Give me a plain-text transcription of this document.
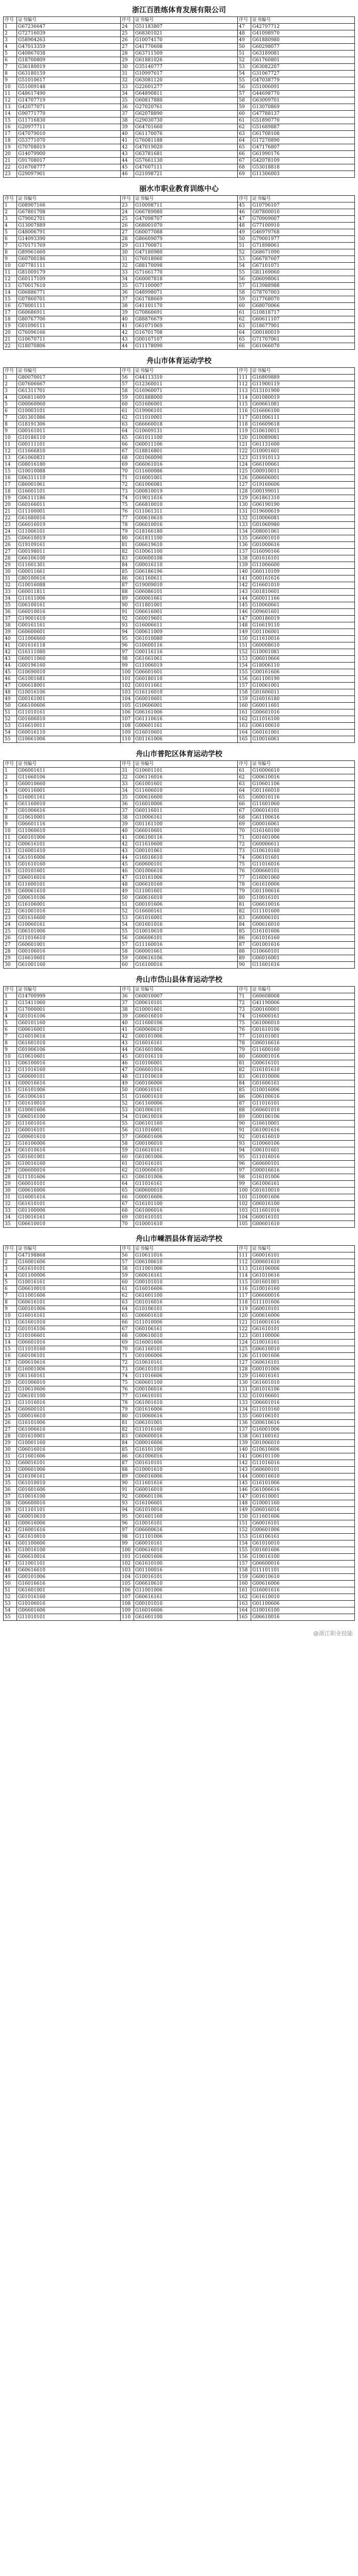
浙江百胜练体育发展有限公司
序号	证书编号	序号	证书编号	序号	证书编号
1	G67236647	24	G51183807	47	G42797712
2	G72716039	25	G68301021	48	G41098970
3	G58904263	26	G10074170	49	G61880980
4	G47013359	27	G41770608	50	G60298077
5	G40867038	28	G63711509	51	G63189081
6	G18700809	29	G61881026	52	G61760801
7	G36180019	30	G35140777	53	G63082207
8	G63180159	31	G10997617	54	G31067727
9	G51010617	32	G63081120	55	G47038779
10	G51009148	33	G22601277	56	G51006091
11	G48617490	34	G64890811	57	G44698770
12	G14707719	35	G60817880	58	G63009701
13	G42077071	36	G27020761	59	G13070869
14	G90771770	37	G62078890	60	G47788137
15	G11716830	38	G29030730	61	G51890770
16	G20977711	39	G64701660	62	G51689887
17	G47079010	40	G61170076	63	G61708108
18	G53771070	41	G76081188	64	G17270890
19	G70708019	42	G47019020	65	G47176807
20	G14079900	43	G63781681	66	G61990176
21	G91708017	44	G57661130	67	G42078109
22	G16708777	45	G47607111	68	G53018818
23	G29097901	46	G21098721	69	G11306003
丽水市职业教育训练中心
序号	证书编号	序号	证书编号	序号	证书编号
1	G08907166	23	G10098711	45	G10796107
2	G67801708	24	G66789080	46	G07800010
3	G79002701	25	G47098707	47	G70909007
4	G13007889	26	G68001070	48	G77100910
5	G48006791	27	G60077088	49	G46979768
6	G14093390	28	G86609079	50	G79001977
7	G70171769	29	G11700871	51	G71898061
8	G89961660	30	G47180980	52	G68671090
9	G60700186	31	G76018060	53	G66787607
10	G07781111	32	G88170098	54	G67101071
11	G81009179	33	G71661770	55	G81169060
12	G60117109	34	G60007818	56	G06098061
13	G70017610	35	G71100007	57	G13988988
14	G06886771	36	G48998071	58	G78707003
15	G07860701	37	G61788669	59	G17768070
16	G78001111	38	G41101170	60	G68070066
17	G60686911	39	G70860691	61	G10818717
18	G80767706	40	G88876679	62	G60611107
19	G01090111	41	G61071069	63	G18677901
20	G76096166	42	G16701708	64	G00180019
21	G10670711	43	G00107107	65	G71707061
22	G18070806	44	G11178090	66	G61066070
舟山市体育运动学校
序号	证书编号	序号	证书编号	序号	证书编号
1	G80070017	56	G44113310	111	G16809889
2	G07606667	57	G12360011	112	G11900119
3	G61311701	58	G16960071	113	G13101900
4	G06811609	59	G01888000	114	G01080019
5	G00060060	60	G51606001	115	G60661081
6	G10003101	61	G19906101	116	G16606100
7	G01301086	62	G11010001	117	G01006111
8	G18191306	63	G66660018	118	G16609618
9	G00161011	64	G10609131	119	G10610011
10	G10186110	65	G61011100	120	G10089081
11	G00111101	66	G60011106	121	G61131600
12	G11666810	67	G18816801	122	G10001601
13	G61060831	68	G01060090	123	G11910113
14	G08016180	69	G66061016	124	G66100661
15	G10010088	70	G11600086	125	G00910011
16	G06311110	71	G16001001	126	G06606001
17	G86001061	72	G61006081	127	G19160606
18	G16601101	73	G00810019	128	G00199011
19	G06111186	74	G19011616	129	G61861310
20	G60166011	75	G66810010	130	G06190190
21	G11100001	76	G11061311	131	G19600619
22	G61680016	77	G00610610	132	G10006081
23	G66016019	78	G06010016	133	G01060980
24	G11006101	79	G18166180	134	G08001061
25	G06610019	80	G61811100	135	G66001010
26	G19109161	81	G06619610	136	G01000616
27	G00198011	82	G10061100	137	G16090166
28	G66106100	83	G60600108	138	G01616101
29	G11601301	84	G00016110	139	G11006600
30	G00011661	85	G06186196	140	G60110109
31	G80100616	86	G61160611	141	G00161616
32	G10016088	87	G19009010	142	G16601010
33	G60011811	88	G06086101	143	G01810601
34	G11611006	89	G60061661	144	G60011166
35	G06100161	90	G11801001	145	G10060661
36	G66010016	91	G06616001	146	G09601601
37	G19001610	92	G60019601	147	G00186019
38	G00161161	93	G16006611	148	G16619110
39	G60600601	94	G00611009	149	G01106001
40	G11006660	95	G61010080	150	G11610016
41	G01616118	96	G10600116	151	G60008610
42	G16111080	97	G00116116	152	G10001081
43	G60011060	98	G61661061	153	G06010666
44	G00196160	99	G11006019	154	G18006110
45	G10690010	100	G06601601	155	G00161606
46	G61001681	101	G60180110	156	G61100190
47	G06618001	102	G01011661	157	G10061001
48	G10016106	103	G16116010	158	G01606011
49	G00161001	104	G60010601	159	G16016180
50	G66100606	105	G10606001	160	G60011601
51	G11010161	106	G06161006	161	G00601016
52	G01606010	107	G61110616	162	G11016100
53	G16610011	108	G00601161	163	G06100610
54	G60016110	109	G16010601	164	G60161001
55	G10661006	110	G01161006	165	G10016061
舟山市普陀区体育运动学校
序号	证书编号	序号	证书编号	序号	证书编号
1	G06001611	31	G10601101	61	G16006610
2	G11660106	32	G06116016	62	G00610016
3	G60010660	33	G61001601	63	G10601106
4	G00116001	34	G11606010	64	G01166010
5	G16001161	35	G00616600	65	G60010116
6	G61160010	36	G16010006	66	G11601060
7	G01006616	37	G60116011	67	G06016101
8	G10610001	38	G10006161	68	G61100616
9	G06601116	39	G01161100	69	G00016061
10	G11060610	40	G66010601	70	G16160100
11	G60101006	41	G06100116	71	G01601006
12	G00616101	42	G11610600	72	G60006611
13	G16001610	43	G00101061	73	G10610160
14	G61016006	44	G16016610	74	G06101601
15	G01610160	45	G60600101	75	G11016016
16	G10101601	46	G01006610	76	G00660101
17	G06016016	47	G10161006	77	G16001060
18	G11600101	48	G06610160	78	G61610006
19	G60061610	49	G11001601	79	G01100616
20	G00610106	50	G60616010	80	G10016101
21	G16106001	51	G00101606	81	G06610016
22	G61001016	52	G16600161	82	G11101600
23	G01616600	53	G61016001	83	G60006101
24	G10060161	54	G01601016	84	G00616010
25	G06101006	55	G10010610	85	G16101606
26	G11016610	56	G06606101	86	G61016160
27	G60601001	57	G11160016	87	G01001616
28	G00106016	58	G60001661	88	G10660101
29	G16610601	59	G00616106	89	G06016001
30	G61001160	60	G16100016	90	G11601616
舟山市岱山县体育运动学校
序号	证书编号	序号	证书编号	序号	证书编号
1	G14700999	36	G60010007	71	G60608008
2	G15411060	37	G00610101	72	G41190006
3	G17000001	38	G10001601	73	G00160001
4	G01016106	39	G06016010	74	G16000161
5	G60101160	40	G11600106	75	G61006010
6	G00616001	41	G60060610	76	G01610106
7	G16010616	42	G00101006	77	G10101001
8	G61601010	43	G16016161	78	G06016616
9	G01006106	44	G61601006	79	G11600160
10	G10610601	45	G01016110	80	G60001016
11	G06100016	46	G10106001	81	G00616101
12	G11016160	47	G06601016	82	G16101610
13	G60600101	48	G11010610	83	G61010006
14	G00016616	49	G60106006	84	G01606161
15	G16101006	50	G00610161	85	G10016006
16	G61006161	51	G16001610	86	G06100616
17	G01610010	52	G61160006	87	G11016101
18	G10001606	53	G01006101	88	G60601010
19	G06016100	54	G10610016	89	G00106106
20	G11601016	55	G06101160	90	G16610001
21	G60016101	56	G11016001	91	G61001616
22	G00601610	57	G60601606	92	G01616010
23	G16106006	58	G00106010	93	G10060106
24	G61010616	59	G16610161	94	G06101601
25	G01601001	60	G61001006	95	G11016016
26	G10016160	61	G01616101	96	G60600101
27	G06600016	62	G10060610	97	G00016616
28	G11101606	63	G06101006	98	G16101006
29	G60010101	64	G11016161	99	G61006161
30	G00616006	65	G60600010	100	G01610010
31	G16001616	66	G00016606	101	G10001606
32	G61610101	67	G16101100	102	G06016100
33	G01100006	68	G61006016	103	G11601016
34	G10016161	69	G01610101	104	G60016101
35	G06610010	70	G10001610	105	G00601610
舟山市嵊泗县体育运动学校
序号	证书编号	序号	证书编号	序号	证书编号
1	G47198868	56	G10611016	111	G60016101
2	G16001606	57	G06100610	112	G00601610
3	G61610101	58	G11001006	113	G16106006
4	G01100006	59	G60616161	114	G61010616
5	G10016161	60	G00101010	115	G01601001
6	G06610010	61	G16016606	116	G10016160
7	G11001606	62	G61601100	117	G06600016
8	G60616101	63	G01016016	118	G11101606
9	G00101006	64	G10106101	119	G60010101
10	G16016161	65	G06601610	120	G00616006
11	G61601010	66	G11010006	121	G16001616
12	G01016106	67	G60106161	122	G61610101
13	G10106601	68	G00610010	123	G01100006
14	G06601016	69	G16001606	124	G10016161
15	G11010160	70	G61160101	125	G06610010
16	G60106101	71	G01006006	126	G11001606
17	G00610616	72	G10610161	127	G60616101
18	G16001006	73	G06101010	128	G00101006
19	G61160161	74	G11016606	129	G16016161
20	G01006010	75	G60601100	130	G61601010
21	G10610606	76	G00106016	131	G01016106
22	G06101100	77	G16610101	132	G10106601
23	G11016016	78	G61001610	133	G06601016
24	G60600101	79	G01616006	134	G11010160
25	G00016610	80	G10060616	135	G60106101
26	G16101006	81	G06101001	136	G00610616
27	G61006616	82	G11016160	137	G16001006
28	G01610001	83	G60600016	138	G61160161
29	G10001160	84	G00016606	139	G01006010
30	G06016016	85	G16101100	140	G10610606
31	G11601606	86	G61006016	141	G06101100
32	G60016101	87	G01610101	142	G11016016
33	G00601006	88	G10001610	143	G60600101
34	G16106161	89	G06016006	144	G00016610
35	G61010010	90	G11601616	145	G16101006
36	G01601606	91	G60016010	146	G61006616
37	G10016100	92	G00601106	147	G01610001
38	G06600016	93	G16106601	148	G10001160
39	G11101101	94	G61010016	149	G06016016
40	G60010610	95	G01601160	150	G11601606
41	G00616006	96	G10016101	151	G60016101
42	G16001616	97	G06600616	152	G00601006
43	G61610010	98	G11101006	153	G16106161
44	G01100606	99	G60010161	154	G61010010
45	G10016100	100	G00616010	155	G01601606
46	G06610016	101	G16001606	156	G10016100
47	G11001101	102	G61610100	157	G06600016
48	G60616610	103	G01100016	158	G11101101
49	G00101006	104	G10016101	159	G60010610
50	G16016616	105	G06610610	160	G00616006
51	G61601001	106	G11001006	161	G16001616
52	G01016160	107	G60616161	162	G61610010
53	G10106016	108	G00101010	163	G01100606
54	G06601606	109	G16016606	164	G10016100
55	G11010101	110	G61601100	165	G06610016
@浙江职业技能
